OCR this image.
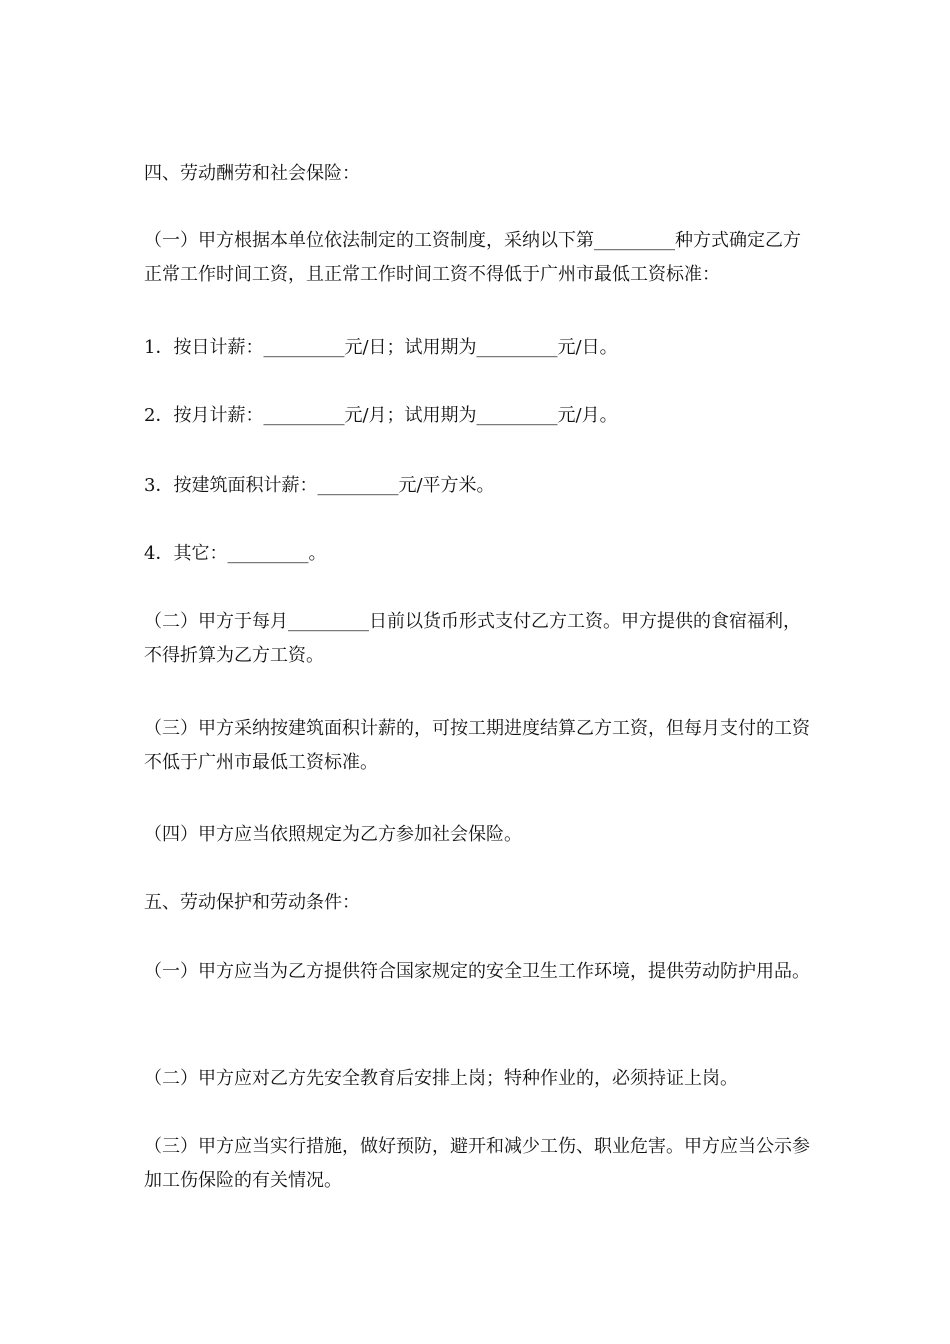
四、劳动酬劳和社会保险：

（一）甲方根据本单位依法制定的工资制度，采纳以下第_________种方式确定乙方正常工作时间工资，且正常工作时间工资不得低于广州市最低工资标准：

1．按日计薪：_________元/日；试用期为_________元/日。

2．按月计薪：_________元/月；试用期为_________元/月。

3．按建筑面积计薪：_________元/平方米。

4．其它：_________。

（二）甲方于每月_________日前以货币形式支付乙方工资。甲方提供的食宿福利，不得折算为乙方工资。

（三）甲方采纳按建筑面积计薪的，可按工期进度结算乙方工资，但每月支付的工资不低于广州市最低工资标准。

（四）甲方应当依照规定为乙方参加社会保险。

五、劳动保护和劳动条件：

（一）甲方应当为乙方提供符合国家规定的安全卫生工作环境，提供劳动防护用品。

（二）甲方应对乙方先安全教育后安排上岗；特种作业的，必须持证上岗。

（三）甲方应当实行措施，做好预防，避开和减少工伤、职业危害。甲方应当公示参加工伤保险的有关情况。
